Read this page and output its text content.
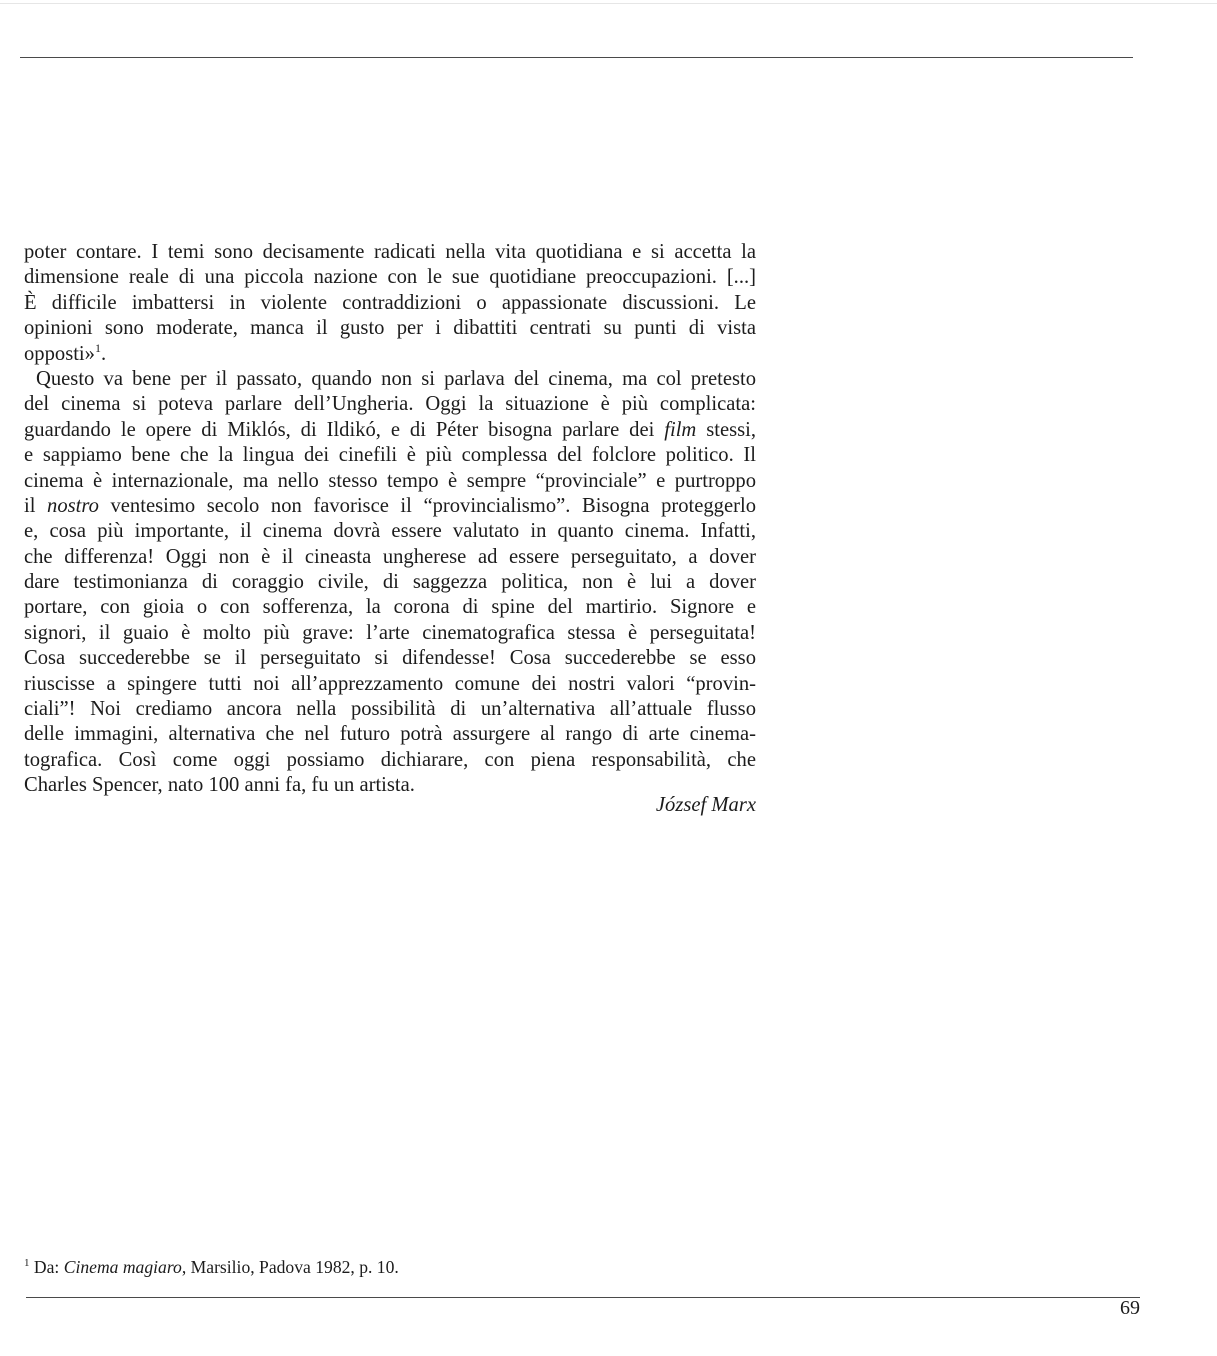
poter contare. I temi sono decisamente radicati nella vita quotidiana e si accetta la

dimensione reale di una piccola nazione con le sue quotidiane preoccupazioni. [...]

È difficile imbattersi in violente contraddizioni o appassionate discussioni. Le

opinioni sono moderate, manca il gusto per i dibattiti centrati su punti di vista

opposti»$^1$.

Questo va bene per il passato, quando non si parlava del cinema, ma col pretesto

del cinema si poteva parlare dell’Ungheria. Oggi la situazione è più complicata:

guardando le opere di Miklós, di Ildikó, e di Péter bisogna parlare dei film stessi,

e sappiamo bene che la lingua dei cinefili è più complessa del folclore politico. Il

cinema è internazionale, ma nello stesso tempo è sempre “provinciale” e purtroppo

il nostro ventesimo secolo non favorisce il “provincialismo”. Bisogna proteggerlo

e, cosa più importante, il cinema dovrà essere valutato in quanto cinema. Infatti,

che differenza! Oggi non è il cineasta ungherese ad essere perseguitato, a dover

dare testimonianza di coraggio civile, di saggezza politica, non è lui a dover

portare, con gioia o con sofferenza, la corona di spine del martirio. Signore e

signori, il guaio è molto più grave: l’arte cinematografica stessa è perseguitata!

Cosa succederebbe se il perseguitato si difendesse! Cosa succederebbe se esso

riuscisse a spingere tutti noi all’apprezzamento comune dei nostri valori “provin-

ciali”! Noi crediamo ancora nella possibilità di un’alternativa all’attuale flusso

delle immagini, alternativa che nel futuro potrà assurgere al rango di arte cinema-

tografica. Così come oggi possiamo dichiarare, con piena responsabilità, che

Charles Spencer, nato 100 anni fa, fu un artista.

József Marx
$^1$ Da: Cinema magiaro, Marsilio, Padova 1982, p. 10.
69
